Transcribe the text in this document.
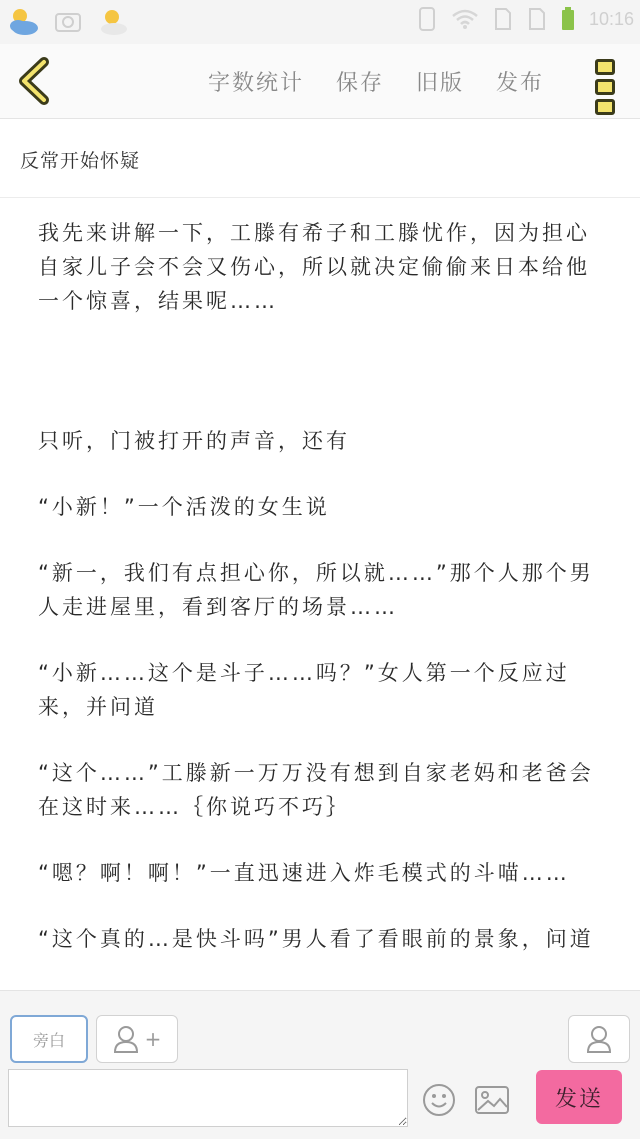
10:16
字数统计 保存 旧版 发布
反常开始怀疑

我先来讲解一下，工滕有希子和工滕忧作，因为担心自家儿子会不会又伤心，所以就决定偷偷来日本给他一个惊喜，结果呢……

只听，门被打开的声音，还有

“小新！”一个活泼的女生说

“新一，我们有点担心你，所以就……”那个人那个男人走进屋里，看到客厅的场景……

“小新……这个是斗子……吗？”女人第一个反应过来，并问道

“这个……”工滕新一万万没有想到自家老妈和老爸会在这时来……｛你说巧不巧｝

“嗯？啊！啊！”一直迅速进入炸毛模式的斗喵……

“这个真的…是快斗吗”男人看了看眼前的景象，问道

旁白	+
发送
